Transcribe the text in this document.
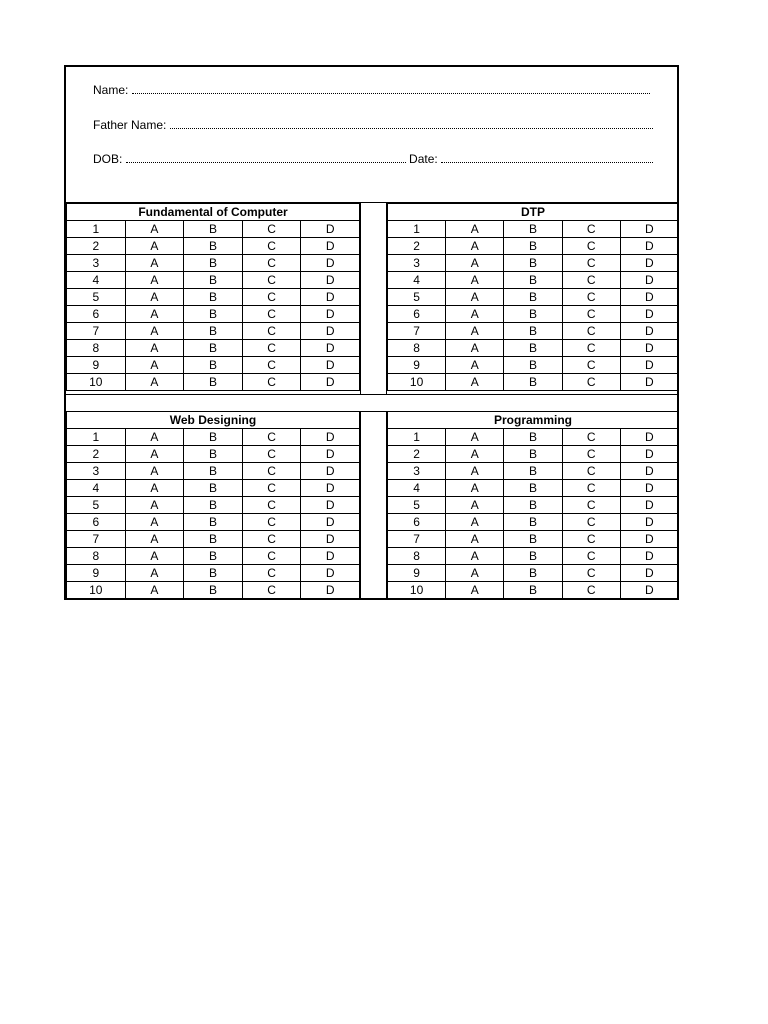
Name:
Father Name:
DOB:	Date:
Fundamental of Computer				
1	A	B	C	D
2	A	B	C	D
3	A	B	C	D
4	A	B	C	D
5	A	B	C	D
6	A	B	C	D
7	A	B	C	D
8	A	B	C	D
9	A	B	C	D
10	A	B	C	D
DTP				
1	A	B	C	D
2	A	B	C	D
3	A	B	C	D
4	A	B	C	D
5	A	B	C	D
6	A	B	C	D
7	A	B	C	D
8	A	B	C	D
9	A	B	C	D
10	A	B	C	D
Web Designing				
1	A	B	C	D
2	A	B	C	D
3	A	B	C	D
4	A	B	C	D
5	A	B	C	D
6	A	B	C	D
7	A	B	C	D
8	A	B	C	D
9	A	B	C	D
10	A	B	C	D
Programming				
1	A	B	C	D
2	A	B	C	D
3	A	B	C	D
4	A	B	C	D
5	A	B	C	D
6	A	B	C	D
7	A	B	C	D
8	A	B	C	D
9	A	B	C	D
10	A	B	C	D
